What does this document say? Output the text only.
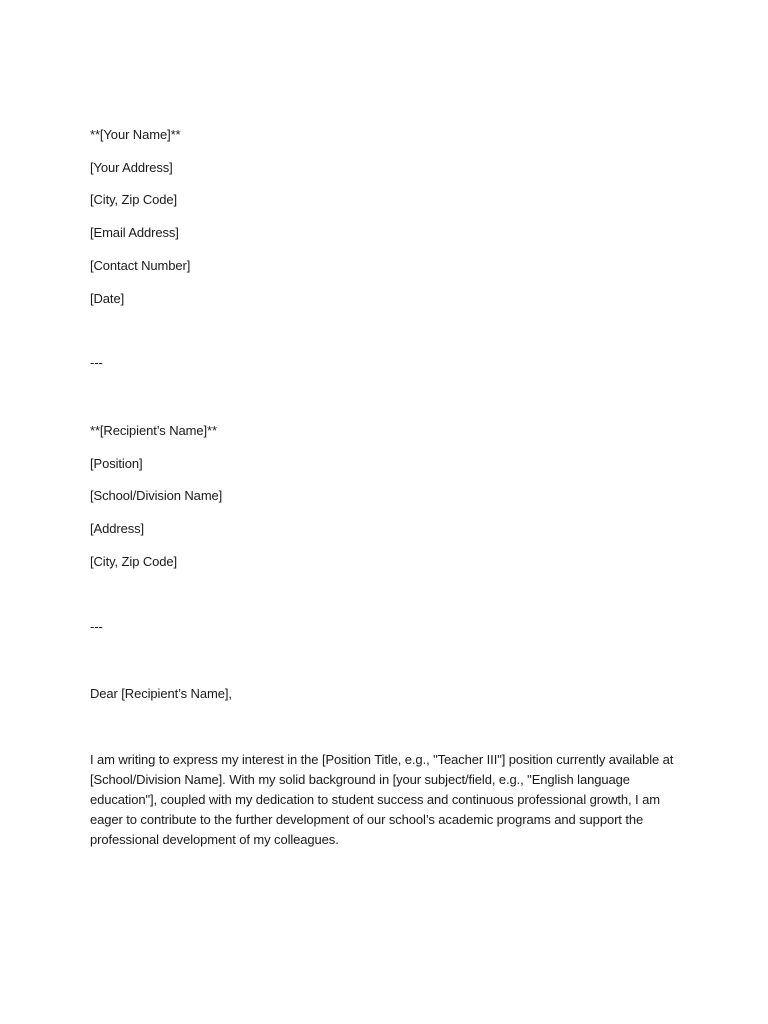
**[Your Name]**
[Your Address]
[City, Zip Code]
[Email Address]
[Contact Number]
[Date]
---
**[Recipient’s Name]**
[Position]
[School/Division Name]
[Address]
[City, Zip Code]
---
Dear [Recipient’s Name],
I am writing to express my interest in the [Position Title, e.g., "Teacher III"] position currently available at
[School/Division Name]. With my solid background in [your subject/field, e.g., "English language
education"], coupled with my dedication to student success and continuous professional growth, I am
eager to contribute to the further development of our school’s academic programs and support the
professional development of my colleagues.
